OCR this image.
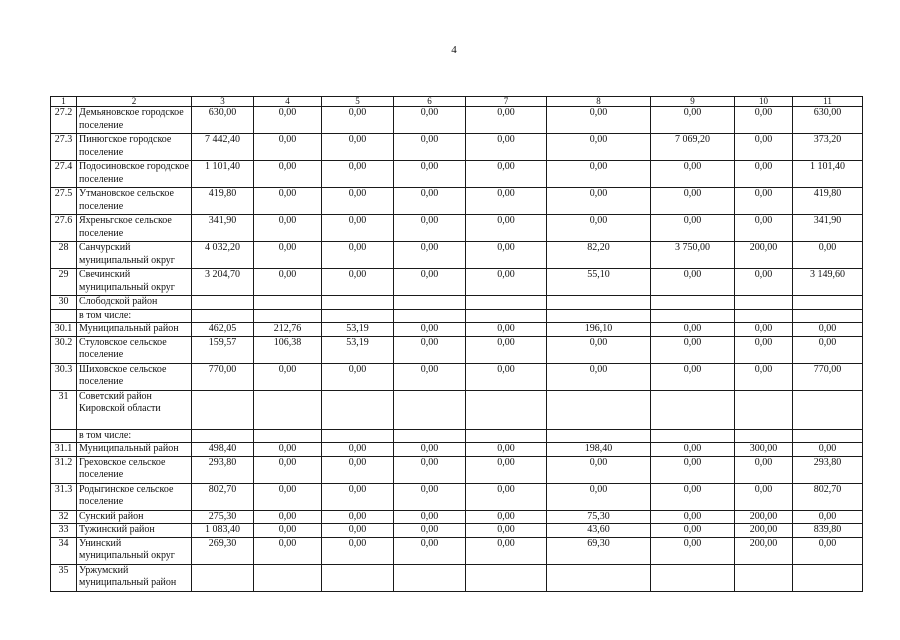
4
1	2	3	4	5	6	7	8	9	10	11
27.2	Демьяновское городское поселение	630,00	0,00	0,00	0,00	0,00	0,00	0,00	0,00	630,00
27.3	Пинюгское городское поселение	7 442,40	0,00	0,00	0,00	0,00	0,00	7 069,20	0,00	373,20
27.4	Подосиновское городское поселение	1 101,40	0,00	0,00	0,00	0,00	0,00	0,00	0,00	1 101,40
27.5	Утмановское сельское поселение	419,80	0,00	0,00	0,00	0,00	0,00	0,00	0,00	419,80
27.6	Яхреньгское сельское поселение	341,90	0,00	0,00	0,00	0,00	0,00	0,00	0,00	341,90
28	Санчурский муниципальный округ	4 032,20	0,00	0,00	0,00	0,00	82,20	3 750,00	200,00	0,00
29	Свечинский муниципальный округ	3 204,70	0,00	0,00	0,00	0,00	55,10	0,00	0,00	3 149,60
30	Слободской район									
	в том числе:									
30.1	Муниципальный район	462,05	212,76	53,19	0,00	0,00	196,10	0,00	0,00	0,00
30.2	Стуловское сельское поселение	159,57	106,38	53,19	0,00	0,00	0,00	0,00	0,00	0,00
30.3	Шиховское сельское поселение	770,00	0,00	0,00	0,00	0,00	0,00	0,00	0,00	770,00
31	Советский район Кировской области									
	в том числе:									
31.1	Муниципальный район	498,40	0,00	0,00	0,00	0,00	198,40	0,00	300,00	0,00
31.2	Греховское сельское поселение	293,80	0,00	0,00	0,00	0,00	0,00	0,00	0,00	293,80
31.3	Родыгинское сельское поселение	802,70	0,00	0,00	0,00	0,00	0,00	0,00	0,00	802,70
32	Сунский район	275,30	0,00	0,00	0,00	0,00	75,30	0,00	200,00	0,00
33	Тужинский район	1 083,40	0,00	0,00	0,00	0,00	43,60	0,00	200,00	839,80
34	Унинский муниципальный округ	269,30	0,00	0,00	0,00	0,00	69,30	0,00	200,00	0,00
35	Уржумский муниципальный район									
